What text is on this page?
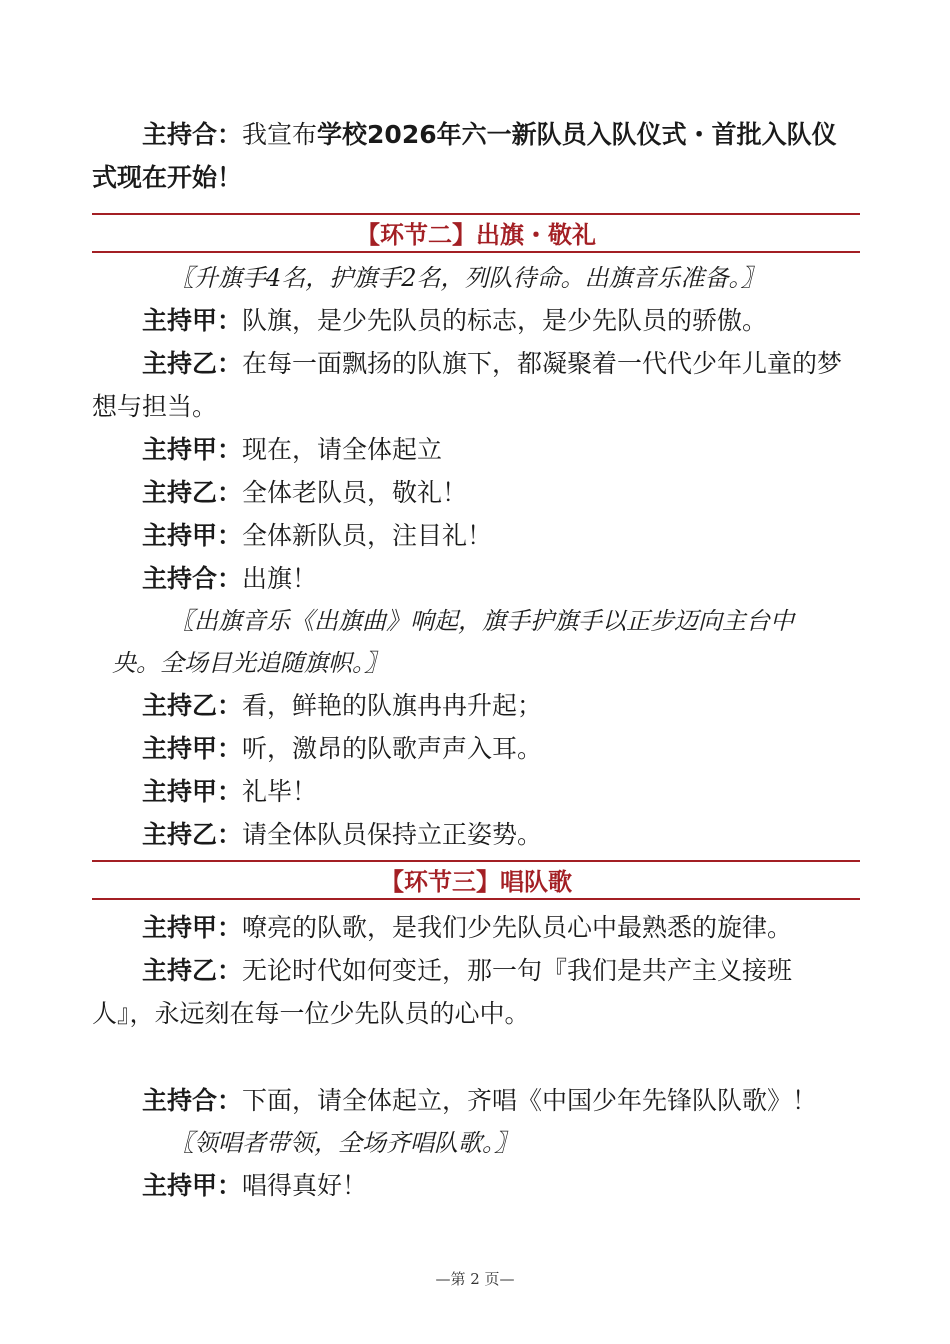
主持合：我宣布学校2026年六一新队员入队仪式・首批入队仪

式现在开始！

【环节二】出旗・敬礼

〖升旗手4名，护旗手2名，列队待命。出旗音乐准备。〗

主持甲：队旗，是少先队员的标志，是少先队员的骄傲。

主持乙：在每一面飘扬的队旗下，都凝聚着一代代少年儿童的梦

想与担当。

主持甲：现在，请全体起立

主持乙：全体老队员，敬礼！

主持甲：全体新队员，注目礼！

主持合：出旗！

〖出旗音乐《出旗曲》响起，旗手护旗手以正步迈向主台中

央。全场目光追随旗帜。〗

主持乙：看，鲜艳的队旗冉冉升起；

主持甲：听，激昂的队歌声声入耳。

主持甲：礼毕！

主持乙：请全体队员保持立正姿势。

【环节三】唱队歌

主持甲：嘹亮的队歌，是我们少先队员心中最熟悉的旋律。

主持乙：无论时代如何变迁，那一句『我们是共产主义接班

人』，永远刻在每一位少先队员的心中。

主持合：下面，请全体起立，齐唱《中国少年先锋队队歌》！

〖领唱者带领，全场齐唱队歌。〗

主持甲：唱得真好！

—第 2 页—
